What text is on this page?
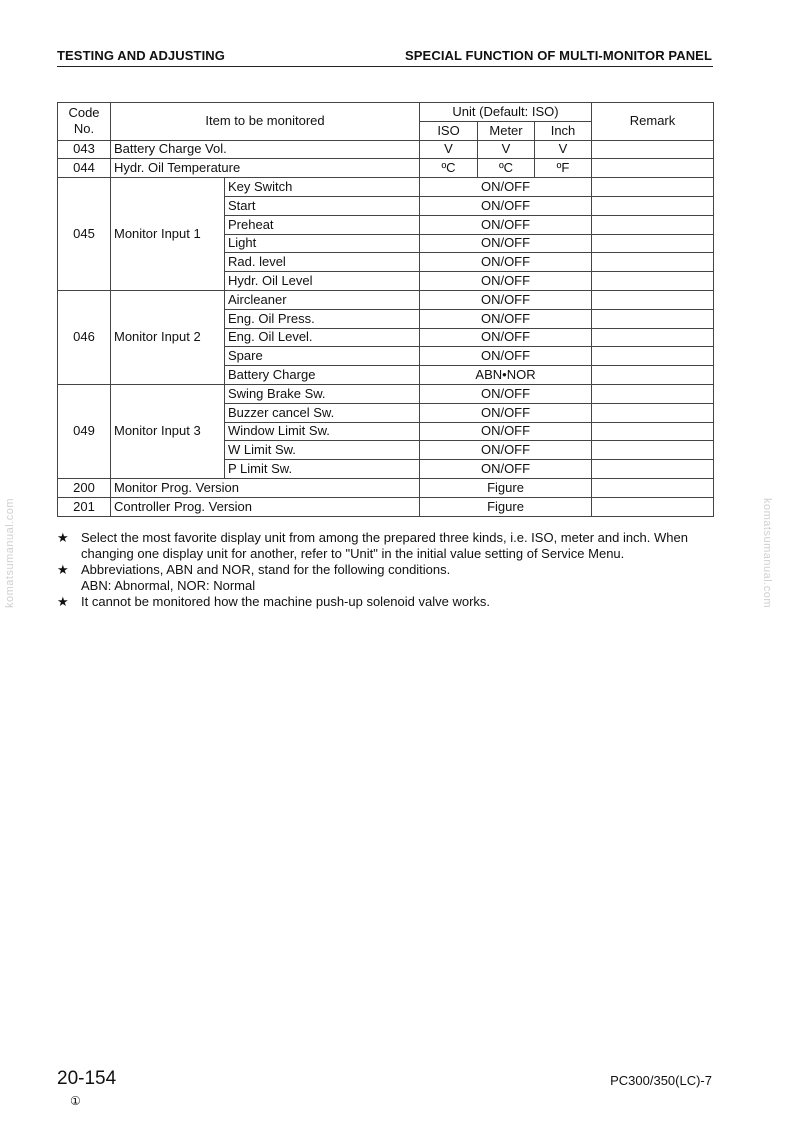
TESTING AND ADJUSTING	SPECIAL FUNCTION OF MULTI-MONITOR PANEL
Code
No.	Item to be monitored		Unit (Default: ISO)			Remark
			ISO	Meter	Inch	
043	Battery Charge Vol.		V	V	V	
044	Hydr. Oil Temperature		ºC	ºC	ºF	
045	Monitor Input 1	Key Switch	ON/OFF			
		Start	ON/OFF			
		Preheat	ON/OFF			
		Light	ON/OFF			
		Rad. level	ON/OFF			
		Hydr. Oil Level	ON/OFF			
046	Monitor Input 2	Aircleaner	ON/OFF			
		Eng. Oil Press.	ON/OFF			
		Eng. Oil Level.	ON/OFF			
		Spare	ON/OFF			
		Battery Charge	ABN•NOR			
049	Monitor Input 3	Swing Brake Sw.	ON/OFF			
		Buzzer cancel Sw.	ON/OFF			
		Window Limit Sw.	ON/OFF			
		W Limit Sw.	ON/OFF			
		P Limit Sw.	ON/OFF			
200	Monitor Prog. Version		Figure			
201	Controller Prog. Version		Figure			
★ Select the most favorite display unit from among the prepared three kinds, i.e. ISO, meter and inch. When
changing one display unit for another, refer to "Unit" in the initial value setting of Service Menu.
★ Abbreviations, ABN and NOR, stand for the following conditions.
ABN: Abnormal, NOR: Normal
★ It cannot be monitored how the machine push-up solenoid valve works.
komatsumanual.com	komatsumanual.com
20-154
①
PC300/350(LC)-7
